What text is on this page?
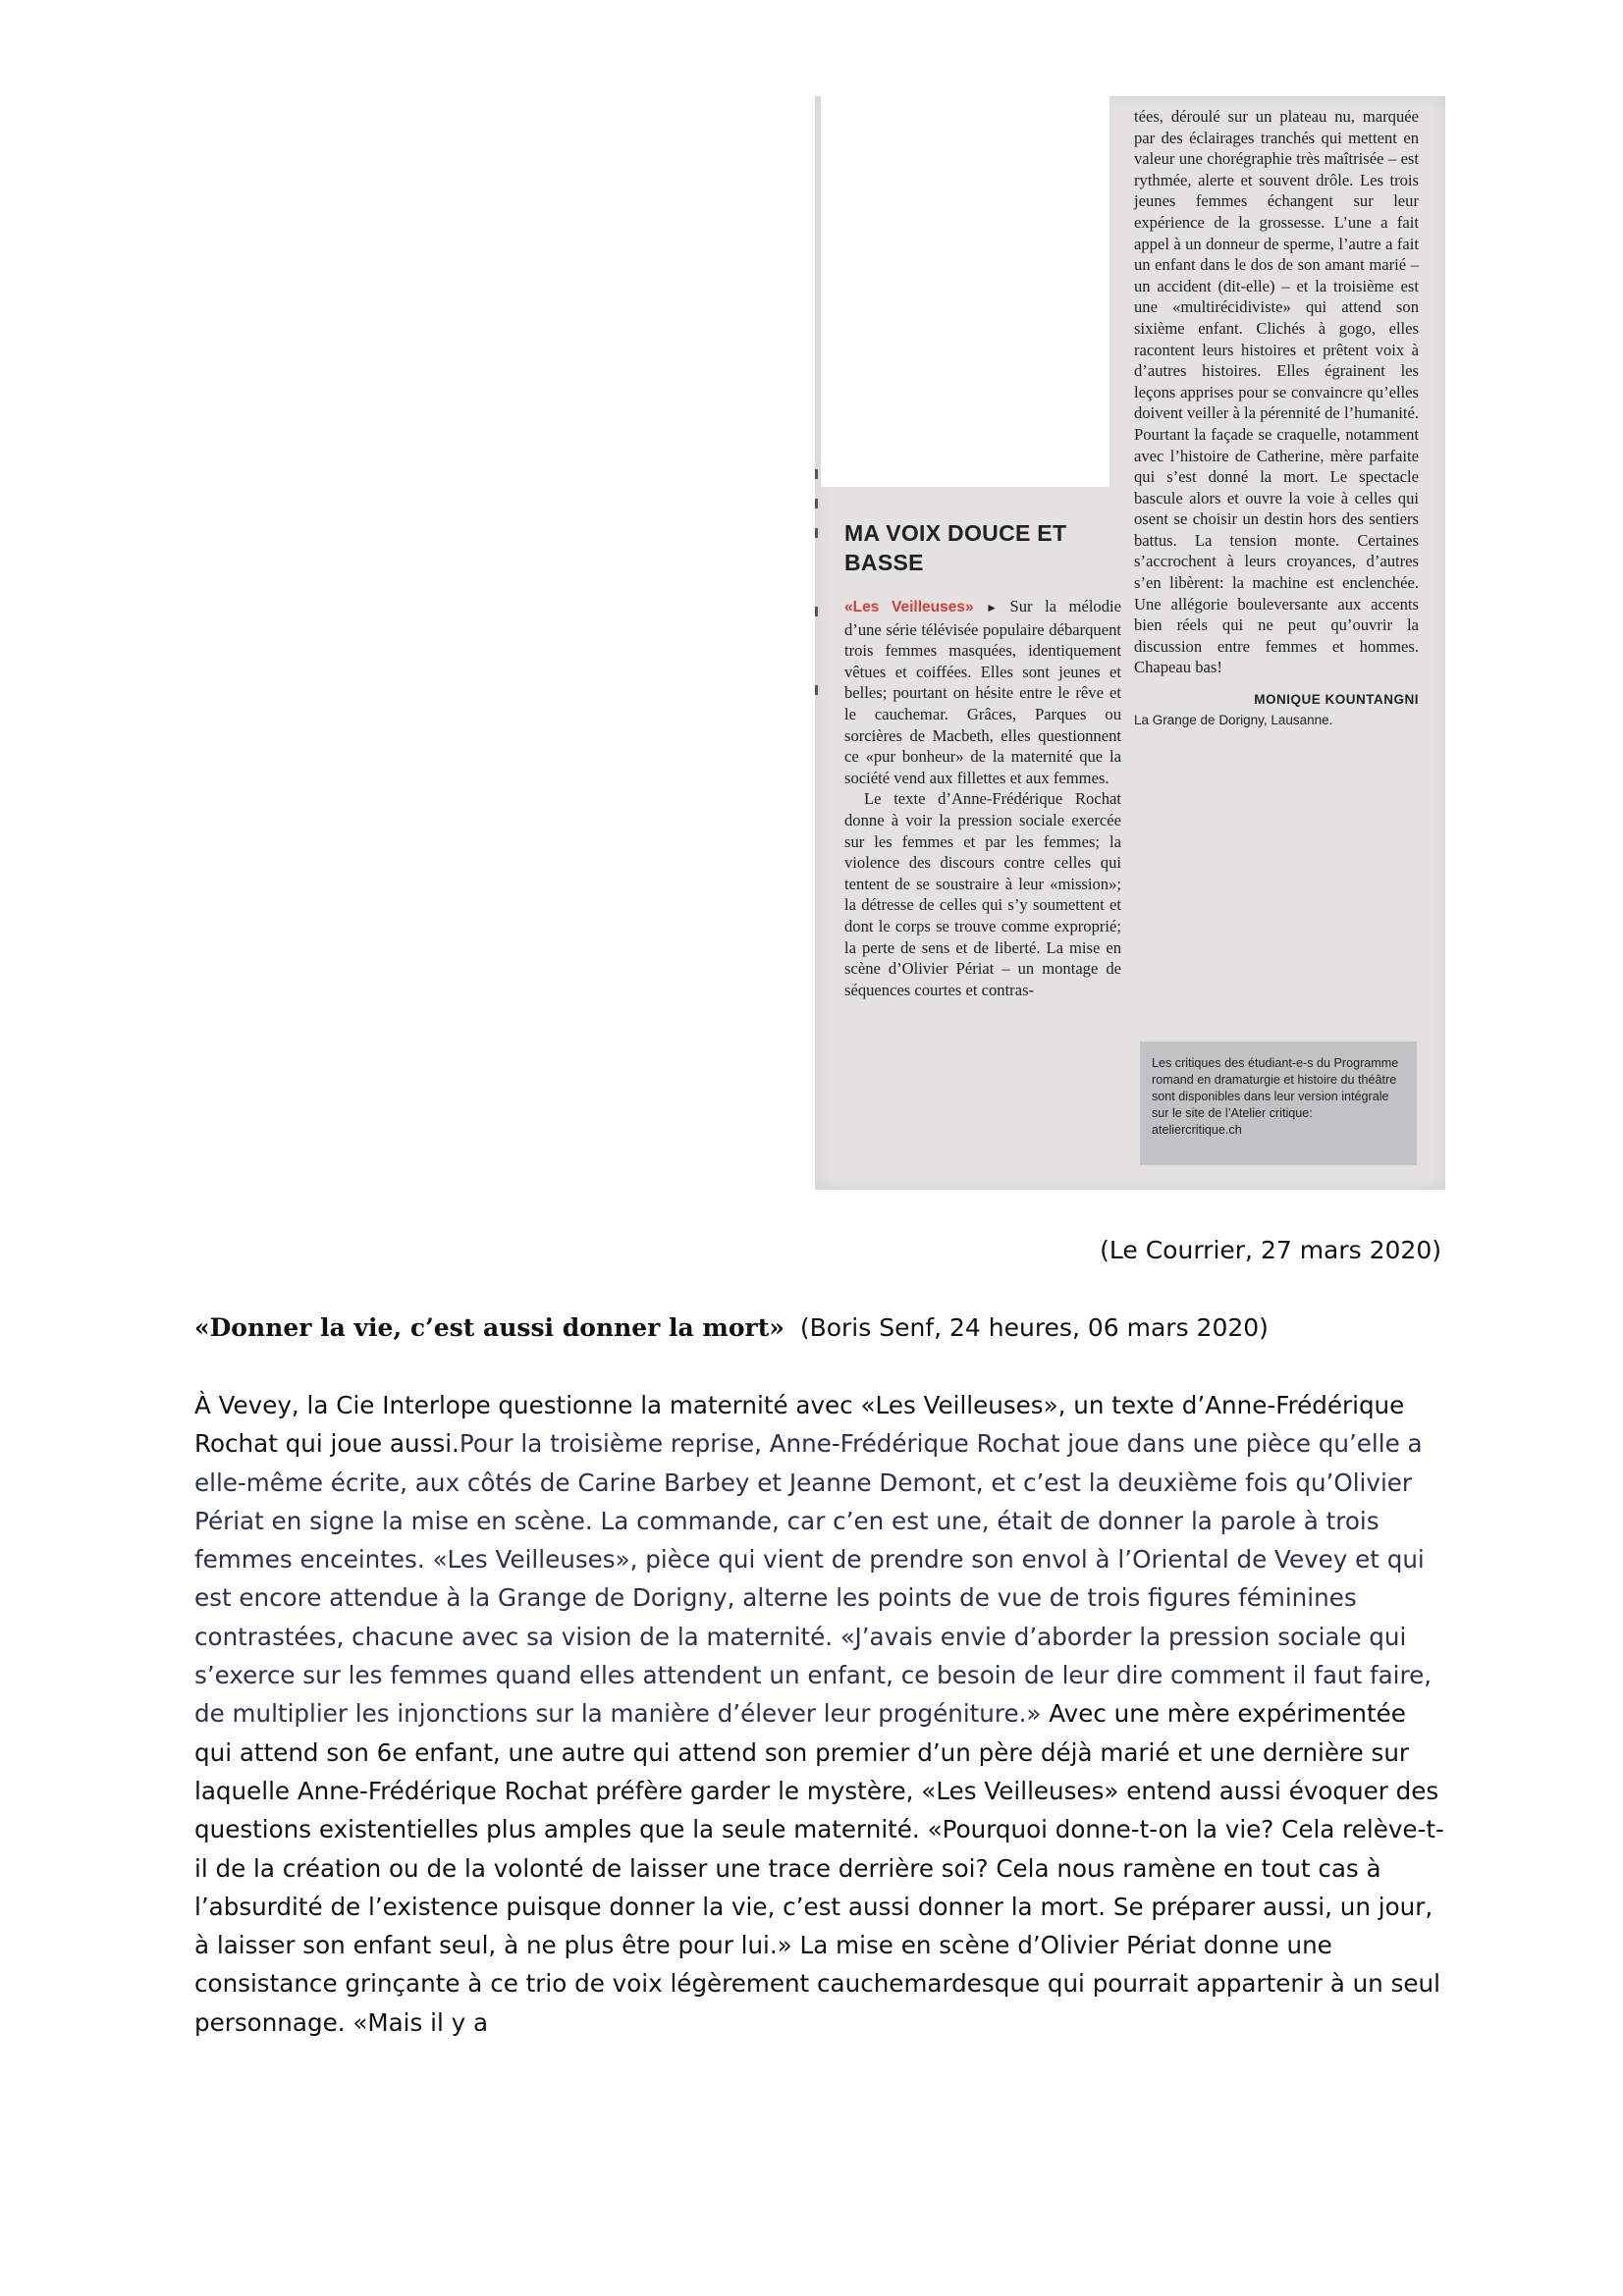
MA VOIX DOUCE ET BASSE

«Les Veilleuses» ► Sur la mélodie d’une série télévisée populaire débarquent trois femmes masquées, identiquement vêtues et coiffées. Elles sont jeunes et belles; pourtant on hésite entre le rêve et le cauchemar. Grâces, Parques ou sorcières de Macbeth, elles questionnent ce «pur bonheur» de la maternité que la société vend aux fillettes et aux femmes.

Le texte d’Anne-Frédérique Rochat donne à voir la pression sociale exercée sur les femmes et par les femmes; la violence des discours contre celles qui tentent de se soustraire à leur «mission»; la détresse de celles qui s’y soumettent et dont le corps se trouve comme exproprié; la perte de sens et de liberté. La mise en scène d’Olivier Périat – un montage de séquences courtes et contras-

tées, déroulé sur un plateau nu, marquée par des éclairages tranchés qui mettent en valeur une chorégraphie très maîtrisée – est rythmée, alerte et souvent drôle. Les trois jeunes femmes échangent sur leur expérience de la grossesse. L’une a fait appel à un donneur de sperme, l’autre a fait un enfant dans le dos de son amant marié – un accident (dit-elle) – et la troisième est une «multirécidiviste» qui attend son sixième enfant. Clichés à gogo, elles racontent leurs histoires et prêtent voix à d’autres histoires. Elles égrainent les leçons apprises pour se convaincre qu’elles doivent veiller à la pérennité de l’humanité. Pourtant la façade se craquelle, notamment avec l’histoire de Catherine, mère parfaite qui s’est donné la mort. Le spectacle bascule alors et ouvre la voie à celles qui osent se choisir un destin hors des sentiers battus. La tension monte. Certaines s’accrochent à leurs croyances, d’autres s’en libèrent: la machine est enclenchée. Une allégorie bouleversante aux accents bien réels qui ne peut qu’ouvrir la discussion entre femmes et hommes. Chapeau bas!

MONIQUE KOUNTANGNI
La Grange de Dorigny, Lausanne.
Les critiques des étudiant-e-s du Programme romand en dramaturgie et histoire du théâtre sont disponibles dans leur version intégrale sur le site de l’Atelier critique: ateliercritique.ch

(Le Courrier, 27 mars 2020)

«Donner la vie, c’est aussi donner la mort» (Boris Senf, 24 heures, 06 mars 2020)

À Vevey, la Cie Interlope questionne la maternité avec «Les Veilleuses», un texte d’Anne-Frédérique Rochat qui joue aussi.Pour la troisième reprise, Anne-Frédérique Rochat joue dans une pièce qu’elle a elle-même écrite, aux côtés de Carine Barbey et Jeanne Demont, et c’est la deuxième fois qu’Olivier Périat en signe la mise en scène. La commande, car c’en est une, était de donner la parole à trois femmes enceintes. «Les Veilleuses», pièce qui vient de prendre son envol à l’Oriental de Vevey et qui est encore attendue à la Grange de Dorigny, alterne les points de vue de trois figures féminines contrastées, chacune avec sa vision de la maternité. «J’avais envie d’aborder la pression sociale qui s’exerce sur les femmes quand elles attendent un enfant, ce besoin de leur dire comment il faut faire, de multiplier les injonctions sur la manière d’élever leur progéniture.» Avec une mère expérimentée qui attend son 6e enfant, une autre qui attend son premier d’un père déjà marié et une dernière sur laquelle Anne-Frédérique Rochat préfère garder le mystère, «Les Veilleuses» entend aussi évoquer des questions existentielles plus amples que la seule maternité. «Pourquoi donne-t-on la vie? Cela relève-t-il de la création ou de la volonté de laisser une trace derrière soi? Cela nous ramène en tout cas à l’absurdité de l’existence puisque donner la vie, c’est aussi donner la mort. Se préparer aussi, un jour, à laisser son enfant seul, à ne plus être pour lui.» La mise en scène d’Olivier Périat donne une consistance grinçante à ce trio de voix légèrement cauchemardesque qui pourrait appartenir à un seul personnage. «Mais il y a
